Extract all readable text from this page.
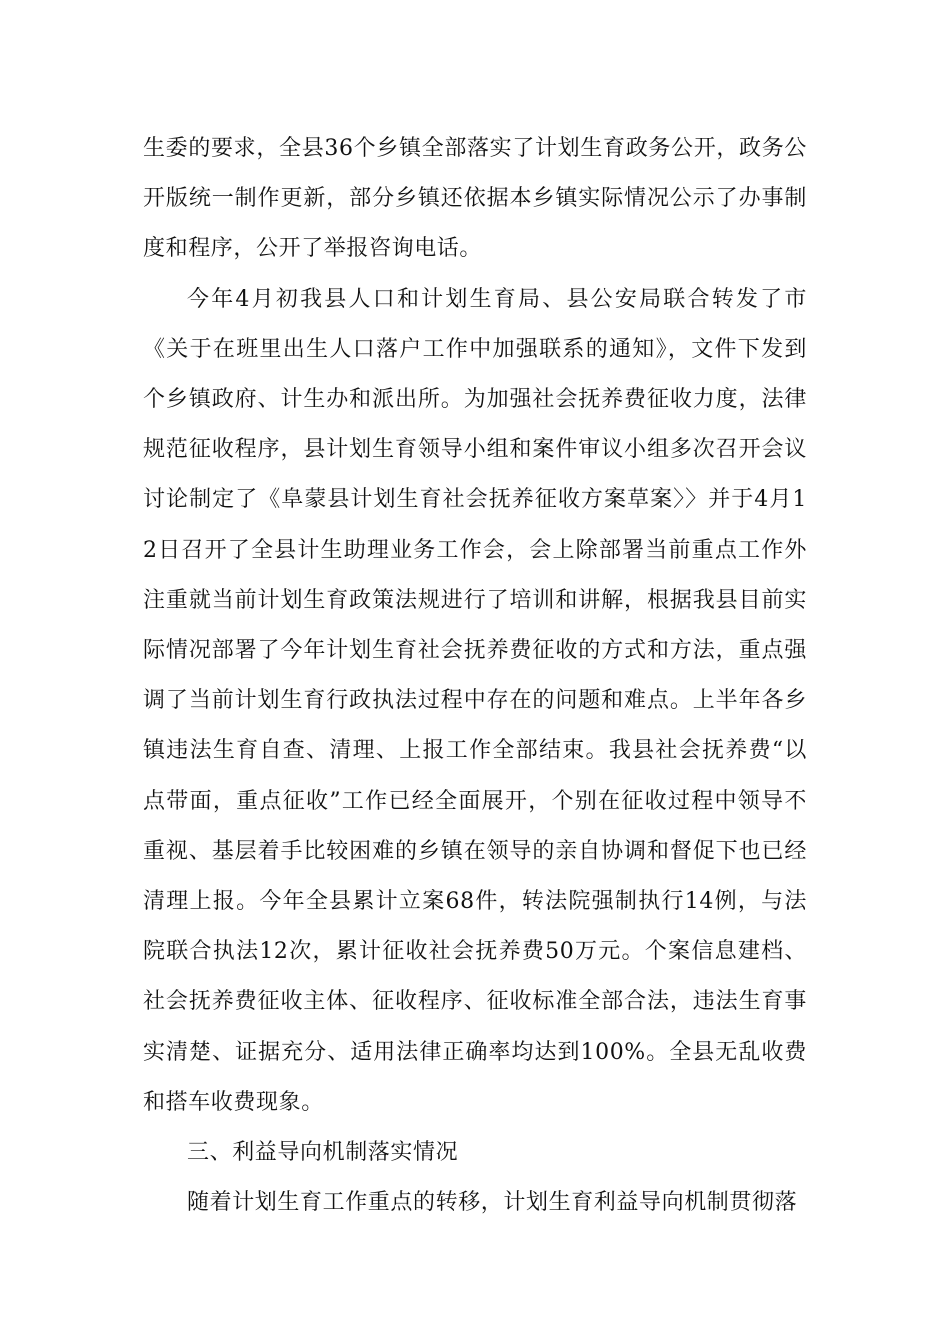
生委的要求，全县36个乡镇全部落实了计划生育政务公开，政务公开版统一制作更新，部分乡镇还依据本乡镇实际情况公示了办事制度和程序，公开了举报咨询电话。

今年4月初我县人口和计划生育局、县公安局联合转发了市《关于在班里出生人口落户工作中加强联系的通知》，文件下发到个乡镇政府、计生办和派出所。为加强社会抚养费征收力度，法律规范征收程序，县计划生育领导小组和案件审议小组多次召开会议讨论制定了《阜蒙县计划生育社会抚养征收方案草案〉〉并于4月12日召开了全县计生助理业务工作会，会上除部署当前重点工作外注重就当前计划生育政策法规进行了培训和讲解，根据我县目前实际情况部署了今年计划生育社会抚养费征收的方式和方法，重点强调了当前计划生育行政执法过程中存在的问题和难点。上半年各乡镇违法生育自查、清理、上报工作全部结束。我县社会抚养费“以点带面，重点征收”工作已经全面展开，个别在征收过程中领导不重视、基层着手比较困难的乡镇在领导的亲自协调和督促下也已经清理上报。今年全县累计立案68件，转法院强制执行14例，与法院联合执法12次，累计征收社会抚养费50万元。个案信息建档、社会抚养费征收主体、征收程序、征收标准全部合法，违法生育事实清楚、证据充分、适用法律正确率均达到100%。全县无乱收费和搭车收费现象。

三、利益导向机制落实情况

随着计划生育工作重点的转移，计划生育利益导向机制贯彻落
